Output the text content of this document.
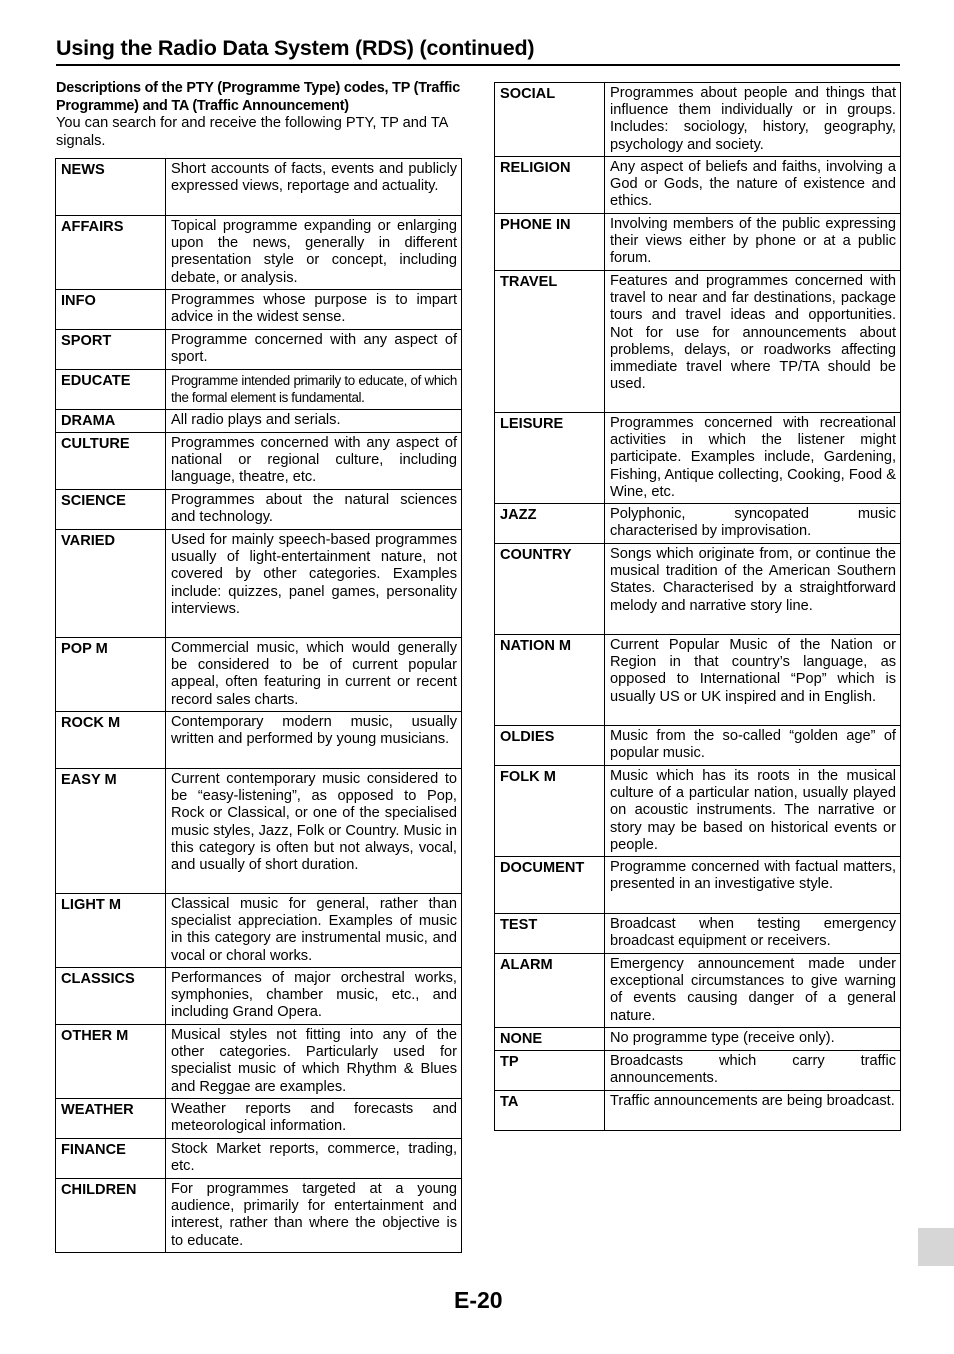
Using the Radio Data System (RDS) (continued)
Descriptions of the PTY (Programme Type) codes, TP (Traffic Programme) and TA (Traffic Announcement)
You can search for and receive the following PTY, TP and TA signals.
NEWS	Short accounts of facts, events and publicly expressed views, reportage and actuality.
AFFAIRS	Topical programme expanding or enlarging upon the news, generally in different presentation style or concept, including debate, or analysis.
INFO	Programmes whose purpose is to impart advice in the widest sense.
SPORT	Programme concerned with any aspect of sport.
EDUCATE	Programme intended primarily to educate, of which the formal element is fundamental.
DRAMA	All radio plays and serials.
CULTURE	Programmes concerned with any aspect of national or regional culture, including language, theatre, etc.
SCIENCE	Programmes about the natural sciences and technology.
VARIED	Used for mainly speech-based programmes usually of light-entertainment nature, not covered by other categories. Examples include: quizzes, panel games, personality interviews.
POP M	Commercial music, which would generally be considered to be of current popular appeal, often featuring in current or recent record sales charts.
ROCK M	Contemporary modern music, usually written and performed by young musicians.
EASY M	Current contemporary music considered to be “easy-listening”, as opposed to Pop, Rock or Classical, or one of the specialised music styles, Jazz, Folk or Country. Music in this category is often but not always, vocal, and usually of short duration.
LIGHT M	Classical music for general, rather than specialist appreciation. Examples of music in this category are instrumental music, and vocal or choral works.
CLASSICS	Performances of major orchestral works, symphonies, chamber music, etc., and including Grand Opera.
OTHER M	Musical styles not fitting into any of the other categories. Particularly used for specialist music of which Rhythm & Blues and Reggae are examples.
WEATHER	Weather reports and forecasts and meteorological information.
FINANCE	Stock Market reports, commerce, trading, etc.
CHILDREN	For programmes targeted at a young audience, primarily for entertainment and interest, rather than where the objective is to educate.
SOCIAL	Programmes about people and things that influence them individually or in groups. Includes: sociology, history, geography, psychology and society.
RELIGION	Any aspect of beliefs and faiths, involving a God or Gods, the nature of existence and ethics.
PHONE IN	Involving members of the public expressing their views either by phone or at a public forum.
TRAVEL	Features and programmes concerned with travel to near and far destinations, package tours and travel ideas and opportunities. Not for use for announcements about problems, delays, or roadworks affecting immediate travel where TP/TA should be used.
LEISURE	Programmes concerned with recreational activities in which the listener might participate. Examples include, Gardening, Fishing, Antique collecting, Cooking, Food & Wine, etc.
JAZZ	Polyphonic, syncopated music characterised by improvisation.
COUNTRY	Songs which originate from, or continue the musical tradition of the American Southern States. Characterised by a straightforward melody and narrative story line.
NATION M	Current Popular Music of the Nation or Region in that country’s language, as opposed to International “Pop” which is usually US or UK inspired and in English.
OLDIES	Music from the so-called “golden age” of popular music.
FOLK M	Music which has its roots in the musical culture of a particular nation, usually played on acoustic instruments. The narrative or story may be based on historical events or people.
DOCUMENT	Programme concerned with factual matters, presented in an investigative style.
TEST	Broadcast when testing emergency broadcast equipment or receivers.
ALARM	Emergency announcement made under exceptional circumstances to give warning of events causing danger of a general nature.
NONE	No programme type (receive only).
TP	Broadcasts which carry traffic announcements.
TA	Traffic announcements are being broadcast.
E-20
